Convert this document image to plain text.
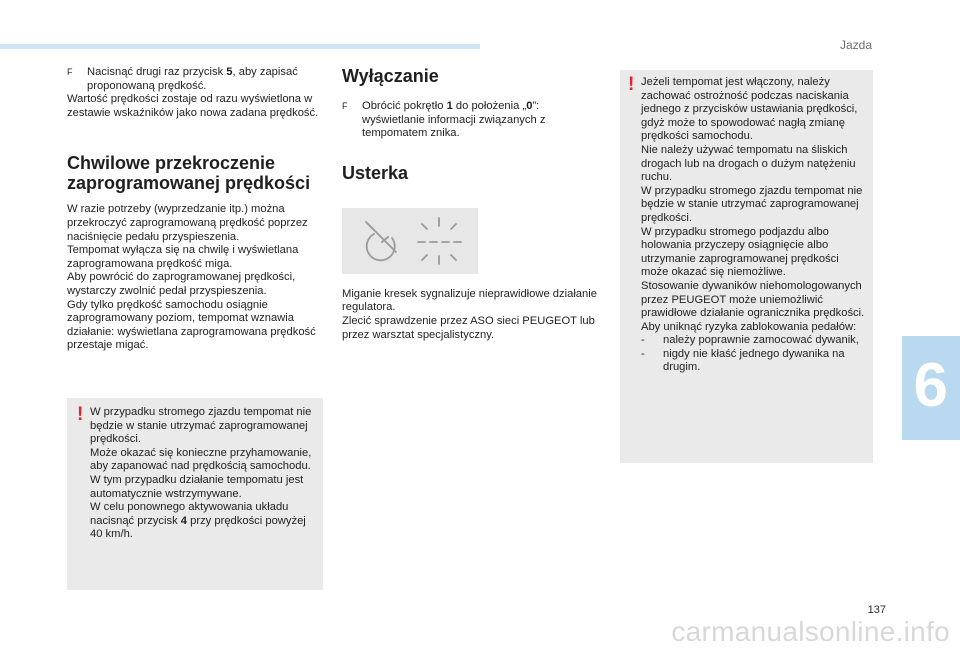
Jazda
6
F	Nacisnąć drugi raz przycisk 5, aby zapisać
proponowaną prędkość.

Wartość prędkości zostaje od razu wyświetlona w zestawie wskaźników jako nowa zadana prędkość.

Chwilowe przekroczenie zaprogramowanej prędkości

W razie potrzeby (wyprzedzanie itp.) można przekroczyć zaprogramowaną prędkość poprzez naciśnięcie pedału przyspieszenia.

Tempomat wyłącza się na chwilę i wyświetlana zaprogramowana prędkość miga.

Aby powrócić do zaprogramowanej prędkości, wystarczy zwolnić pedał przyspieszenia.

Gdy tylko prędkość samochodu osiągnie zaprogramowany poziom, tempomat wznawia działanie: wyświetlana zaprogramowana prędkość przestaje migać.

! W przypadku stromego zjazdu tempomat nie będzie w stanie utrzymać zaprogramowanej prędkości.

Może okazać się konieczne przyhamowanie, aby zapanować nad prędkością samochodu. W tym przypadku działanie tempomatu jest automatycznie wstrzymywane.

W celu ponownego aktywowania układu nacisnąć przycisk 4 przy prędkości powyżej 40 km/h.

Wyłączanie
F	Obrócić pokrętło 1 do położenia „0”: wyświetlanie informacji związanych z tempomatem znika.
Usterka

Miganie kresek sygnalizuje nieprawidłowe działanie regulatora.

Zlecić sprawdzenie przez ASO sieci PEUGEOT lub przez warsztat specjalistyczny.

! Jeżeli tempomat jest włączony, należy zachować ostrożność podczas naciskania jednego z przycisków ustawiania prędkości, gdyż może to spowodować nagłą zmianę prędkości samochodu.

Nie należy używać tempomatu na śliskich drogach lub na drogach o dużym natężeniu ruchu.

W przypadku stromego zjazdu tempomat nie będzie w stanie utrzymać zaprogramowanej prędkości.

W przypadku stromego podjazdu albo holowania przyczepy osiągnięcie albo utrzymanie zaprogramowanej prędkości może okazać się niemożliwe.

Stosowanie dywaników niehomologowanych przez PEUGEOT może uniemożliwić prawidłowe działanie ogranicznika prędkości.

Aby uniknąć ryzyka zablokowania pedałów:

-	należy poprawnie zamocować dywanik,
-	nigdy nie kłaść jednego dywanika na drugim.
137
carmanualsonline.info
